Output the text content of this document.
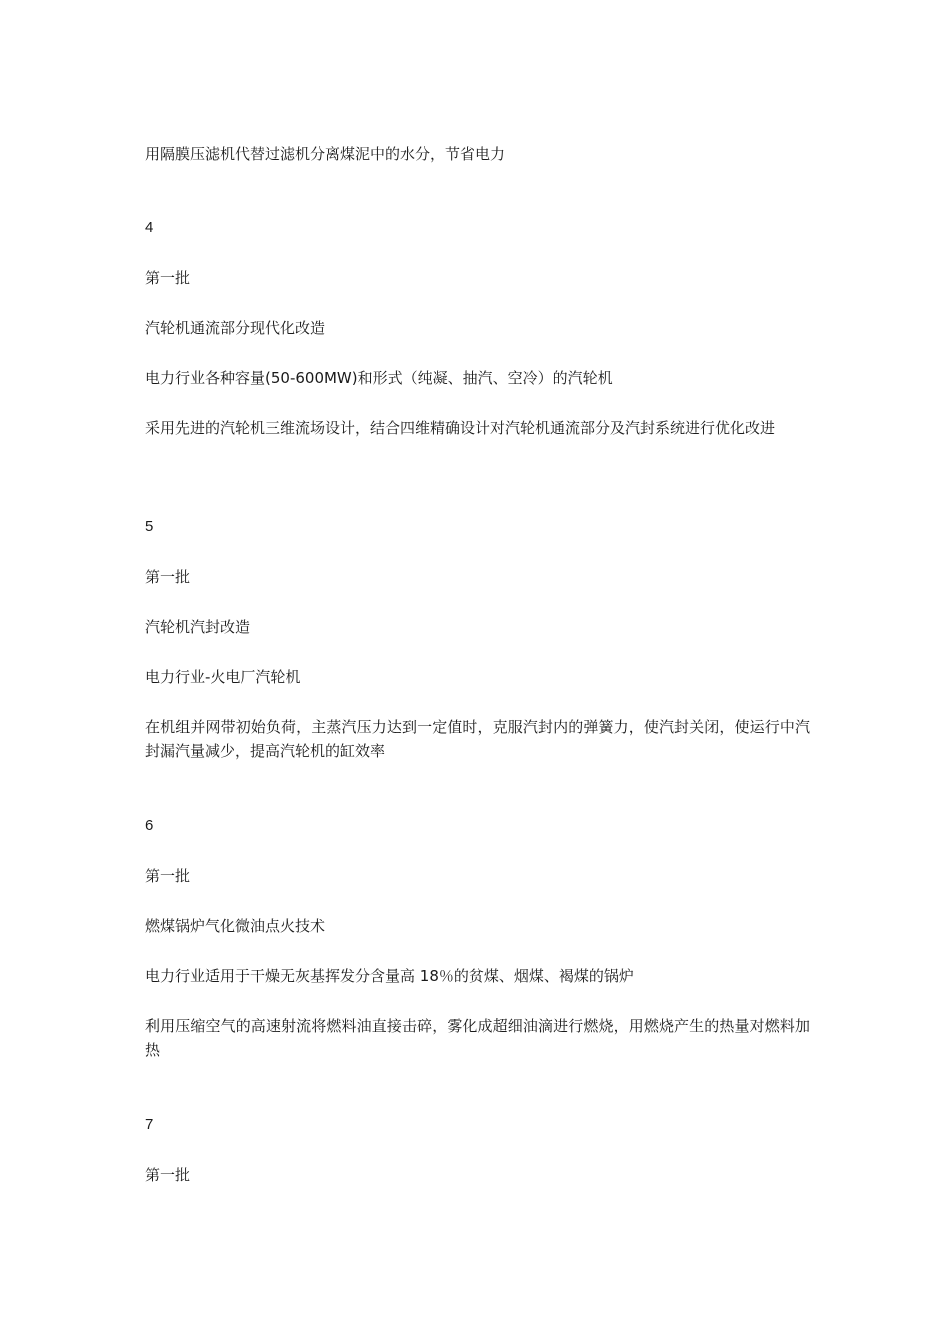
用隔膜压滤机代替过滤机分离煤泥中的水分，节省电力

4

第一批

汽轮机通流部分现代化改造

电力行业各种容量(50-600MW)和形式（纯凝、抽汽、空冷）的汽轮机

采用先进的汽轮机三维流场设计，结合四维精确设计对汽轮机通流部分及汽封系统进行优化改进

5

第一批

汽轮机汽封改造

电力行业-火电厂汽轮机

在机组并网带初始负荷，主蒸汽压力达到一定值时，克服汽封内的弹簧力，使汽封关闭，使运行中汽封漏汽量减少，提高汽轮机的缸效率

6

第一批

燃煤锅炉气化微油点火技术

电力行业适用于干燥无灰基挥发分含量高 18％的贫煤、烟煤、褐煤的锅炉

利用压缩空气的高速射流将燃料油直接击碎，雾化成超细油滴进行燃烧，用燃烧产生的热量对燃料加热

7

第一批
